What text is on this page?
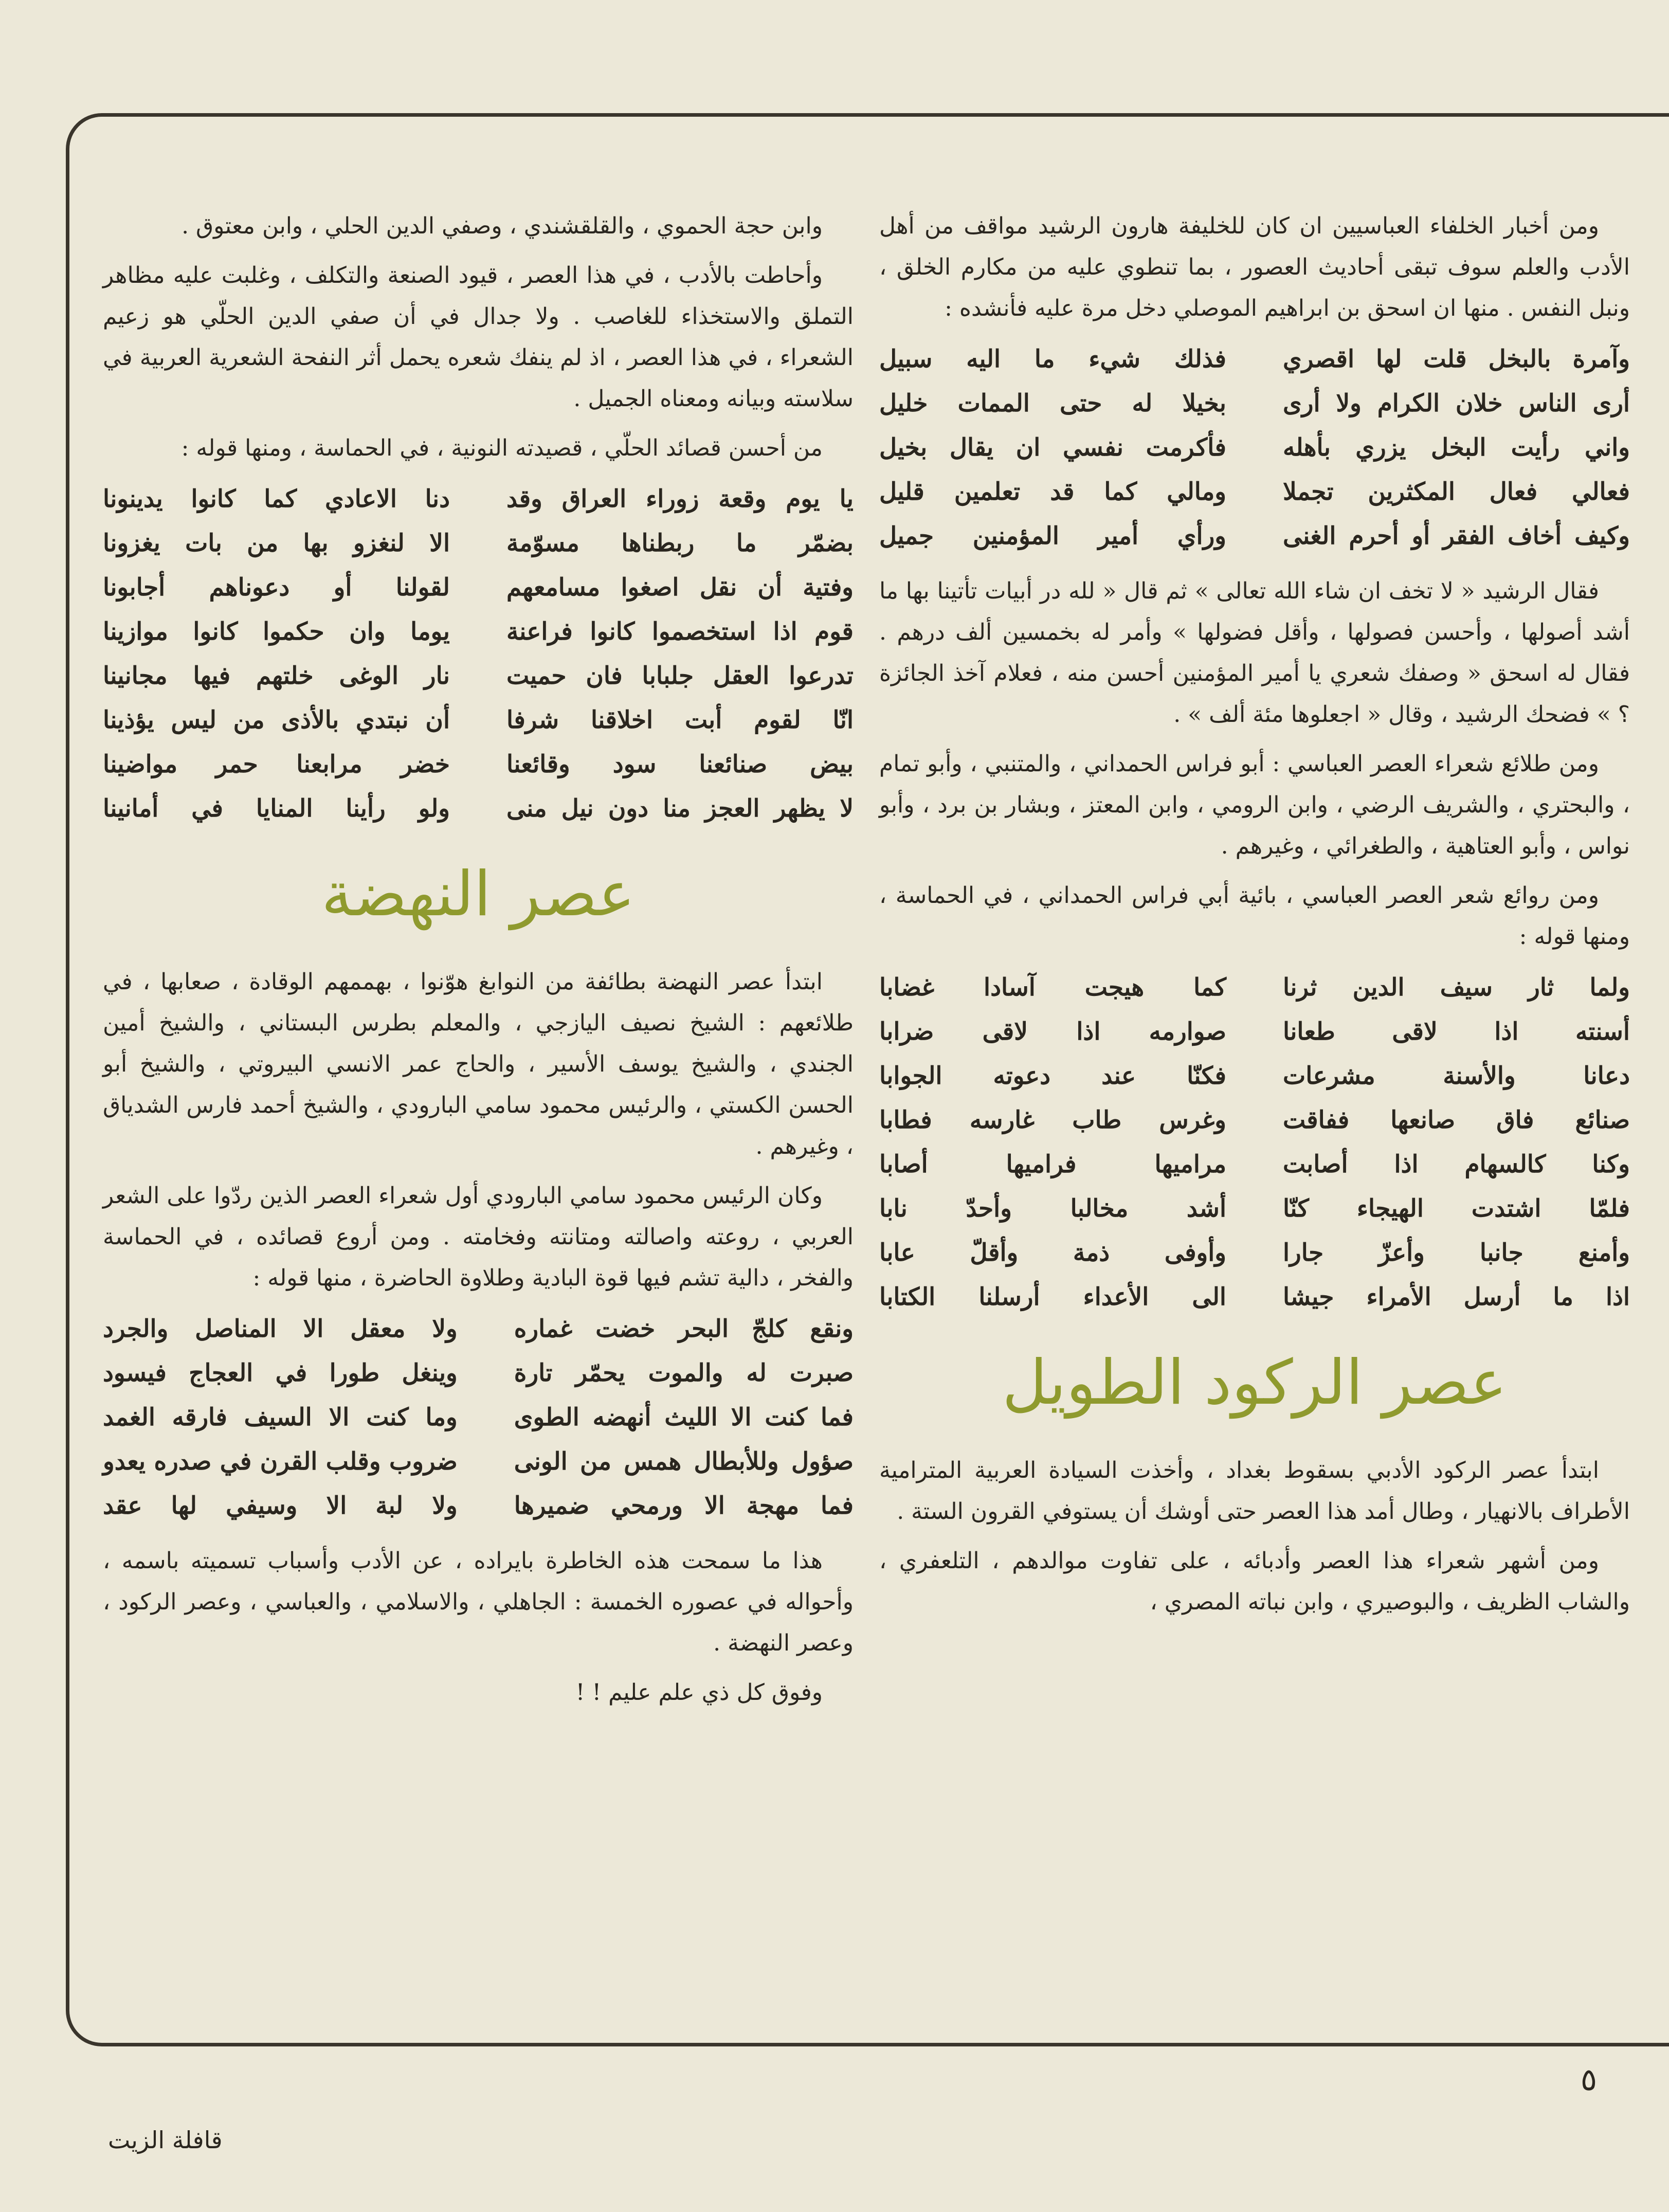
ومن أخبار الخلفاء العباسيين ان كان للخليفة هارون الرشيد مواقف من أهل الأدب والعلم سوف تبقى أحاديث العصور ، بما تنطوي عليه من مكارم الخلق ، ونبل النفس . منها ان اسحق بن ابراهيم الموصلي دخل مرة عليه فأنشده :

وآمرة بالبخل قلت لها اقصري
فذلك شيء ما اليه سبيل
أرى الناس خلان الكرام ولا أرى
بخيلا له حتى الممات خليل
واني رأيت البخل يزري بأهله
فأكرمت نفسي ان يقال بخيل
فعالي فعال المكثرين تجملا
ومالي كما قد تعلمين قليل
وكيف أخاف الفقر أو أحرم الغنى
ورأي أمير المؤمنين جميل

فقال الرشيد « لا تخف ان شاء الله تعالى » ثم قال « لله در أبيات تأتينا بها ما أشد أصولها ، وأحسن فصولها ، وأقل فضولها » وأمر له بخمسين ألف درهم . فقال له اسحق « وصفك شعري يا أمير المؤمنين أحسن منه ، فعلام آخذ الجائزة ؟ » فضحك الرشيد ، وقال « اجعلوها مئة ألف » .

ومن طلائع شعراء العصر العباسي : أبو فراس الحمداني ، والمتنبي ، وأبو تمام ، والبحتري ، والشريف الرضي ، وابن الرومي ، وابن المعتز ، وبشار بن برد ، وأبو نواس ، وأبو العتاهية ، والطغرائي ، وغيرهم .

ومن روائع شعر العصر العباسي ، بائية أبي فراس الحمداني ، في الحماسة ، ومنها قوله :

ولما ثار سيف الدين ثرنا
كما هيجت آسادا غضابا
أسنته اذا لاقى طعانا
صوارمه اذا لاقى ضرابا
دعانا والأسنة مشرعات
فكنّا عند دعوته الجوابا
صنائع فاق صانعها ففاقت
وغرس طاب غارسه فطابا
وكنا كالسهام اذا أصابت
مراميها فراميها أصابا
فلمّا اشتدت الهيجاء كنّا
أشد مخالبا وأحدّ نابا
وأمنع جانبا وأعزّ جارا
وأوفى ذمة وأقلّ عابا
اذا ما أرسل الأمراء جيشا
الى الأعداء أرسلنا الكتابا
عصر الركود الطويل

ابتدأ عصر الركود الأدبي بسقوط بغداد ، وأخذت السيادة العربية المترامية الأطراف بالانهيار ، وطال أمد هذا العصر حتى أوشك أن يستوفي القرون الستة .

ومن أشهر شعراء هذا العصر وأدبائه ، على تفاوت موالدهم ، التلعفري ، والشاب الظريف ، والبوصيري ، وابن نباته المصري ،

وابن حجة الحموي ، والقلقشندي ، وصفي الدين الحلي ، وابن معتوق .

وأحاطت بالأدب ، في هذا العصر ، قيود الصنعة والتكلف ، وغلبت عليه مظاهر التملق والاستخذاء للغاصب . ولا جدال في أن صفي الدين الحلّي هو زعيم الشعراء ، في هذا العصر ، اذ لم ينفك شعره يحمل أثر النفحة الشعرية العربية في سلاسته وبيانه ومعناه الجميل .

من أحسن قصائد الحلّي ، قصيدته النونية ، في الحماسة ، ومنها قوله :

يا يوم وقعة زوراء العراق وقد
دنا الاعادي كما كانوا يدينونا
بضمّر ما ربطناها مسوّمة
الا لنغزو بها من بات يغزونا
وفتية أن نقل اصغوا مسامعهم
لقولنا أو دعوناهم أجابونا
قوم اذا استخصموا كانوا فراعنة
يوما وان حكموا كانوا موازينا
تدرعوا العقل جلبابا فان حميت
نار الوغى خلتهم فيها مجانينا
انّا لقوم أبت اخلاقنا شرفا
أن نبتدي بالأذى من ليس يؤذينا
بيض صنائعنا سود وقائعنا
خضر مرابعنا حمر مواضينا
لا يظهر العجز منا دون نيل منى
ولو رأينا المنايا في أمانينا
عصر النهضة

ابتدأ عصر النهضة بطائفة من النوابغ هوّنوا ، بهممهم الوقادة ، صعابها ، في طلائعهم : الشيخ نصيف اليازجي ، والمعلم بطرس البستاني ، والشيخ أمين الجندي ، والشيخ يوسف الأسير ، والحاج عمر الانسي البيروتي ، والشيخ أبو الحسن الكستي ، والرئيس محمود سامي البارودي ، والشيخ أحمد فارس الشدياق ، وغيرهم .

وكان الرئيس محمود سامي البارودي أول شعراء العصر الذين ردّوا على الشعر العربي ، روعته واصالته ومتانته وفخامته . ومن أروع قصائده ، في الحماسة والفخر ، دالية تشم فيها قوة البادية وطلاوة الحاضرة ، منها قوله :

ونقع كلجّ البحر خضت غماره
ولا معقل الا المناصل والجرد
صبرت له والموت يحمّر تارة
وينغل طورا في العجاج فيسود
فما كنت الا الليث أنهضه الطوى
وما كنت الا السيف فارقه الغمد
صؤول وللأبطال همس من الونى
ضروب وقلب القرن في صدره يعدو
فما مهجة الا ورمحي ضميرها
ولا لبة الا وسيفي لها عقد

هذا ما سمحت هذه الخاطرة بايراده ، عن الأدب وأسباب تسميته باسمه ، وأحواله في عصوره الخمسة : الجاهلي ، والاسلامي ، والعباسي ، وعصر الركود ، وعصر النهضة .

وفوق كل ذي علم عليم ! !

٥
قافلة الزيت
